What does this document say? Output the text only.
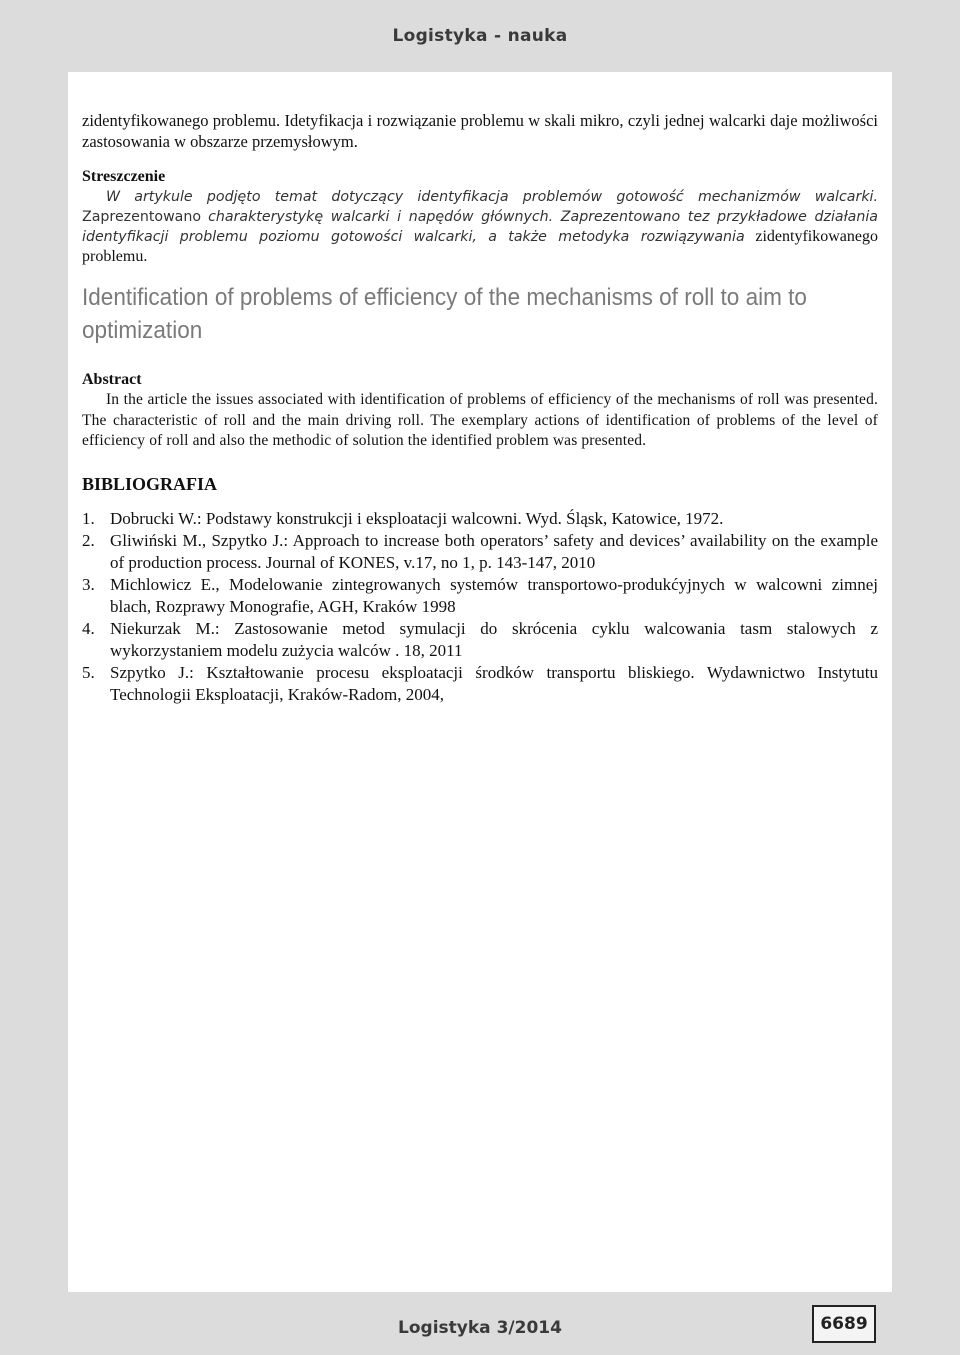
Logistyka - nauka

zidentyfikowanego problemu. Idetyfikacja i rozwiązanie problemu w skali mikro, czyli jednej walcarki daje możliwości zastosowania w obszarze przemysłowym.

Streszczenie

W artykule podjęto temat dotyczący identyfikacja problemów gotowość mechanizmów walcarki. Zaprezentowano charakterystykę walcarki i napędów głównych. Zaprezentowano tez przykładowe działania identyfikacji problemu poziomu gotowości walcarki, a także metodyka rozwiązywania zidentyfikowanego problemu.

Identification of problems of efficiency of the mechanisms of roll to aim to optimization

Abstract

In the article the issues associated with identification of problems of efficiency of the mechanisms of roll was presented. The characteristic of roll and the main driving roll. The exemplary actions of identification of problems of the level of efficiency of roll and also the methodic of solution the identified problem was presented.

BIBLIOGRAFIA

1. Dobrucki W.: Podstawy konstrukcji i eksploatacji walcowni. Wyd. Śląsk, Katowice, 1972.
2. Gliwiński M., Szpytko J.: Approach to increase both operators’ safety and devices’ availability on the example of production process. Journal of KONES, v.17, no 1, p. 143-147, 2010
3. Michlowicz E., Modelowanie zintegrowanych systemów transportowo-produkćyjnych w walcowni zimnej blach, Rozprawy Monografie, AGH, Kraków 1998
4. Niekurzak M.: Zastosowanie metod symulacji do skrócenia cyklu walcowania tasm stalowych z wykorzystaniem modelu zużycia walców . 18, 2011
5. Szpytko J.: Kształtowanie procesu eksploatacji środków transportu bliskiego. Wydawnictwo Instytutu Technologii Eksploatacji, Kraków-Radom, 2004,
Logistyka 3/2014	6689
